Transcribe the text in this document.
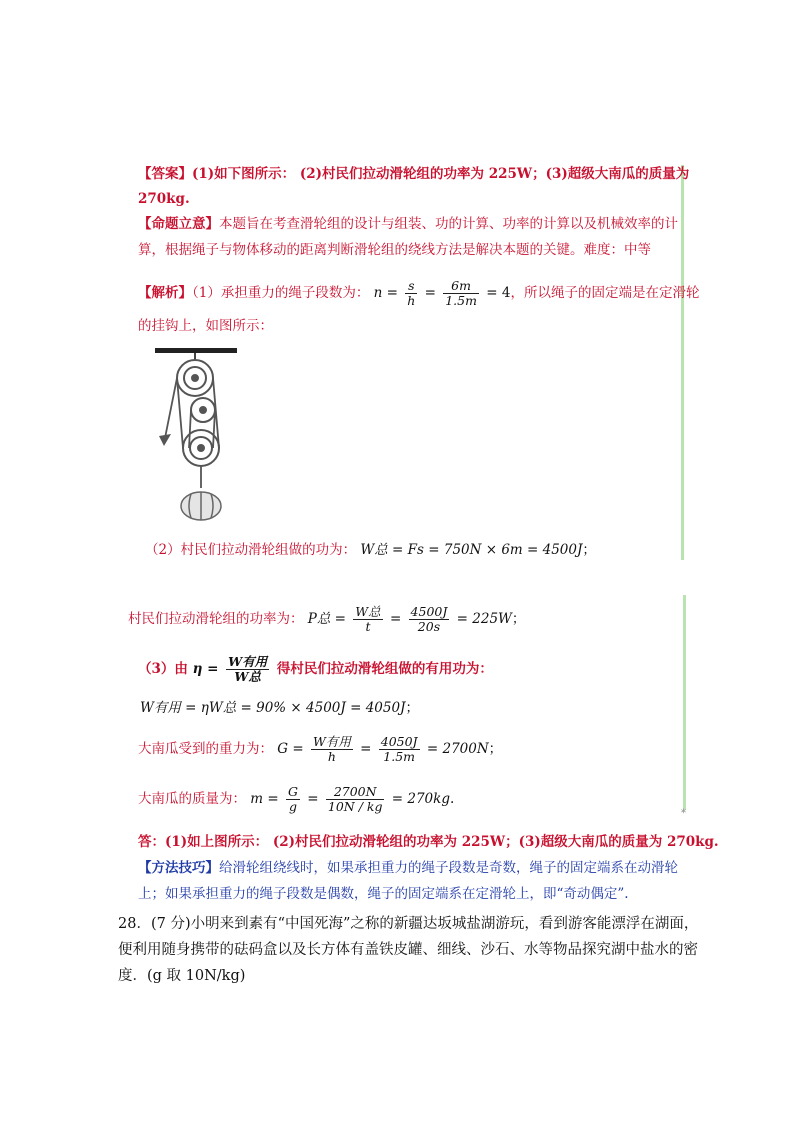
*
【答案】(1)如下图所示： (2)村民们拉动滑轮组的功率为 225W；(3)超级大南瓜的质量为
270kg.
【命题立意】本题旨在考查滑轮组的设计与组装、功的计算、功率的计算以及机械效率的计
算，根据绳子与物体移动的距离判断滑轮组的绕线方法是解决本题的关键。难度：中等
【解析】（1）承担重力的绳子段数为： $n = \frac{s}{h} = \frac{6m}{1.5m} = 4$，所以绳子的固定端是在定滑轮
的挂钩上，如图所示：
（2）村民们拉动滑轮组做的功为： W总 = Fs = 750N × 6m = 4500J；
村民们拉动滑轮组的功率为： P总 = $\frac{\text{W总}}{t} = \frac{4500J}{20s} = 225W$；
（3）由 $\eta = \frac{\text{W有用}}{\text{W总}}$ 得村民们拉动滑轮组做的有用功为：
W有用 = ηW总 = 90% × 4500J = 4050J；
大南瓜受到的重力为： $G = \frac{\text{W有用}}{h} = \frac{4050J}{1.5m} = 2700N$；
大南瓜的质量为： $m = \frac{G}{g} = \frac{2700N}{10N / kg} = 270kg$.
答：(1)如上图所示： (2)村民们拉动滑轮组的功率为 225W；(3)超级大南瓜的质量为 270kg.
【方法技巧】给滑轮组绕线时，如果承担重力的绳子段数是奇数，绳子的固定端系在动滑轮
上；如果承担重力的绳子段数是偶数，绳子的固定端系在定滑轮上，即“奇动偶定”.
28．(7 分)小明来到素有“中国死海”之称的新疆达坂城盐湖游玩，看到游客能漂浮在湖面，
便利用随身携带的砝码盒以及长方体有盖铁皮罐、细线、沙石、水等物品探究湖中盐水的密
度．(g 取 10N/kg)
